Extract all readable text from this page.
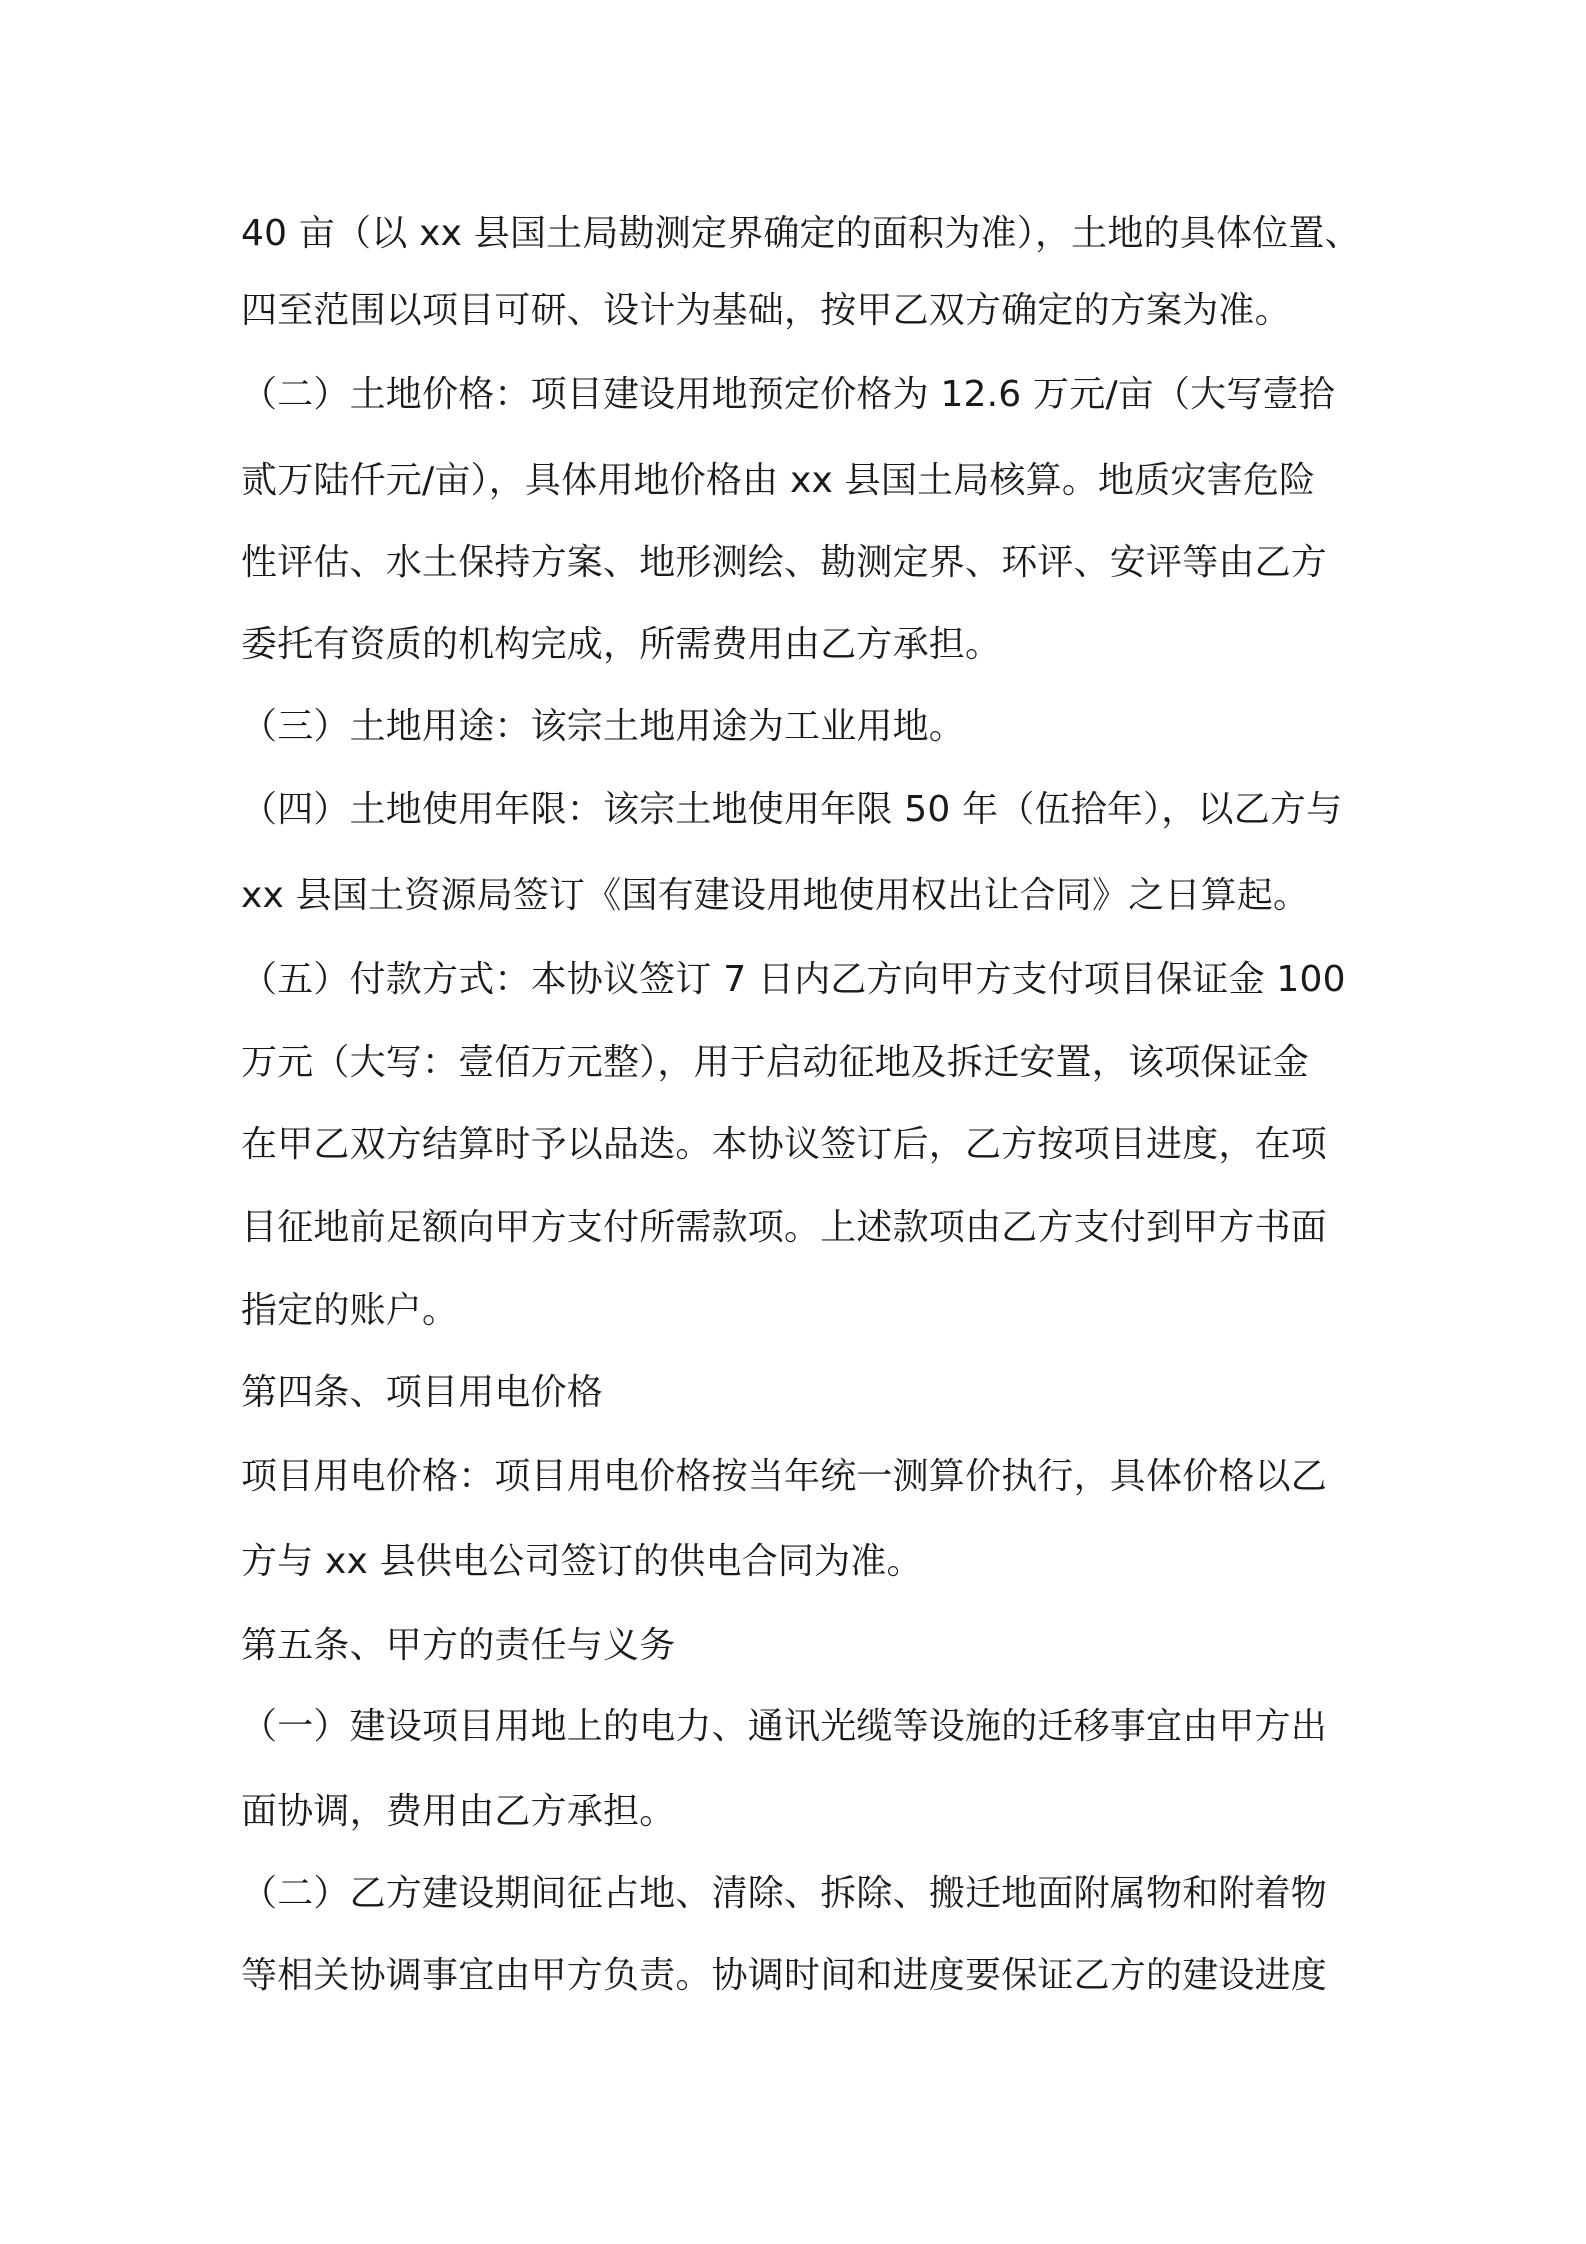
40 亩（以 xx 县国土局勘测定界确定的面积为准），土地的具体位置、
四至范围以项目可研、设计为基础，按甲乙双方确定的方案为准。
（二）土地价格：项目建设用地预定价格为 12.6 万元/亩（大写壹拾
贰万陆仟元/亩），具体用地价格由 xx 县国土局核算。地质灾害危险
性评估、水土保持方案、地形测绘、勘测定界、环评、安评等由乙方
委托有资质的机构完成，所需费用由乙方承担。
（三）土地用途：该宗土地用途为工业用地。
（四）土地使用年限：该宗土地使用年限 50 年（伍拾年），以乙方与
xx 县国土资源局签订《国有建设用地使用权出让合同》之日算起。
（五）付款方式：本协议签订 7 日内乙方向甲方支付项目保证金 100
万元（大写：壹佰万元整），用于启动征地及拆迁安置，该项保证金
在甲乙双方结算时予以品迭。本协议签订后，乙方按项目进度，在项
目征地前足额向甲方支付所需款项。上述款项由乙方支付到甲方书面
指定的账户。
第四条、项目用电价格
项目用电价格：项目用电价格按当年统一测算价执行，具体价格以乙
方与 xx 县供电公司签订的供电合同为准。
第五条、甲方的责任与义务
（一）建设项目用地上的电力、通讯光缆等设施的迁移事宜由甲方出
面协调，费用由乙方承担。
（二）乙方建设期间征占地、清除、拆除、搬迁地面附属物和附着物
等相关协调事宜由甲方负责。协调时间和进度要保证乙方的建设进度
